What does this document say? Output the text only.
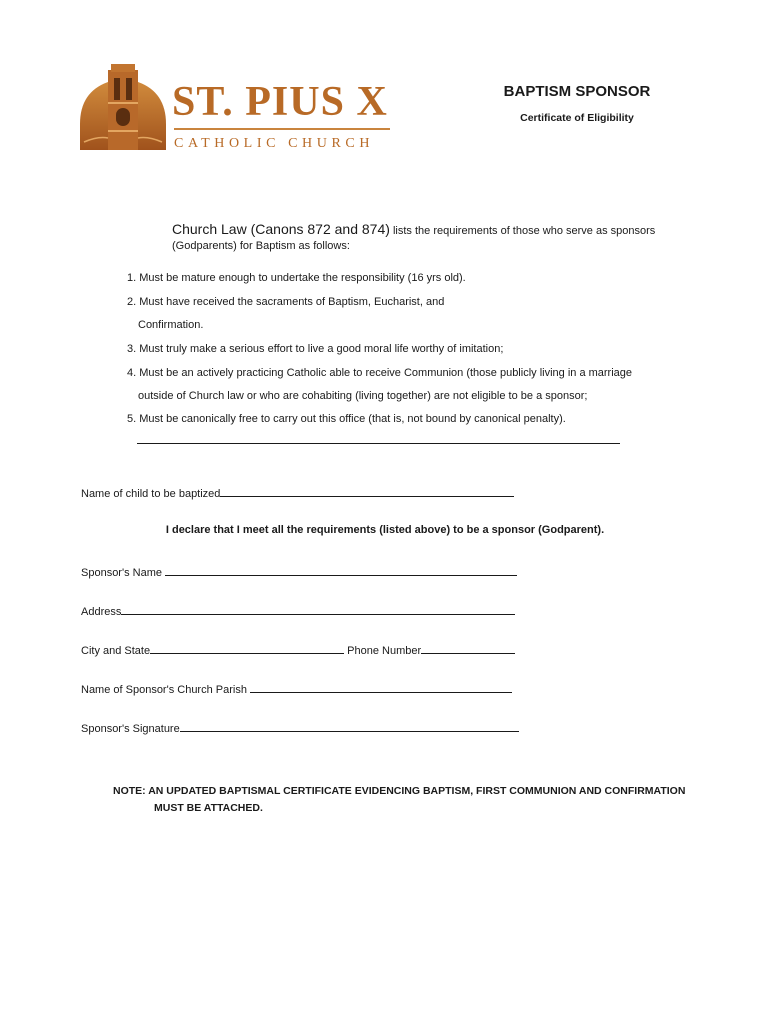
ST. PIUS X
CATHOLIC CHURCH
BAPTISM SPONSOR
Certificate of Eligibility
Church Law (Canons 872 and 874) lists the requirements of those who serve as sponsors
(Godparents) for Baptism as follows:
1. Must be mature enough to undertake the responsibility (16 yrs old).
2. Must have received the sacraments of Baptism, Eucharist, and
Confirmation.
3. Must truly make a serious effort to live a good moral life worthy of imitation;
4. Must be an actively practicing Catholic able to receive Communion (those publicly living in a marriage
outside of Church law or who are cohabiting (living together) are not eligible to be a sponsor;
5. Must be canonically free to carry out this office (that is, not bound by canonical penalty).
Name of child to be baptized
I declare that I meet all the requirements (listed above) to be a sponsor (Godparent).
Sponsor's Name
Address
City and State	Phone Number
Name of Sponsor's Church Parish
Sponsor's Signature
NOTE: AN UPDATED BAPTISMAL CERTIFICATE EVIDENCING BAPTISM, FIRST COMMUNION AND CONFIRMATION
MUST BE ATTACHED.
